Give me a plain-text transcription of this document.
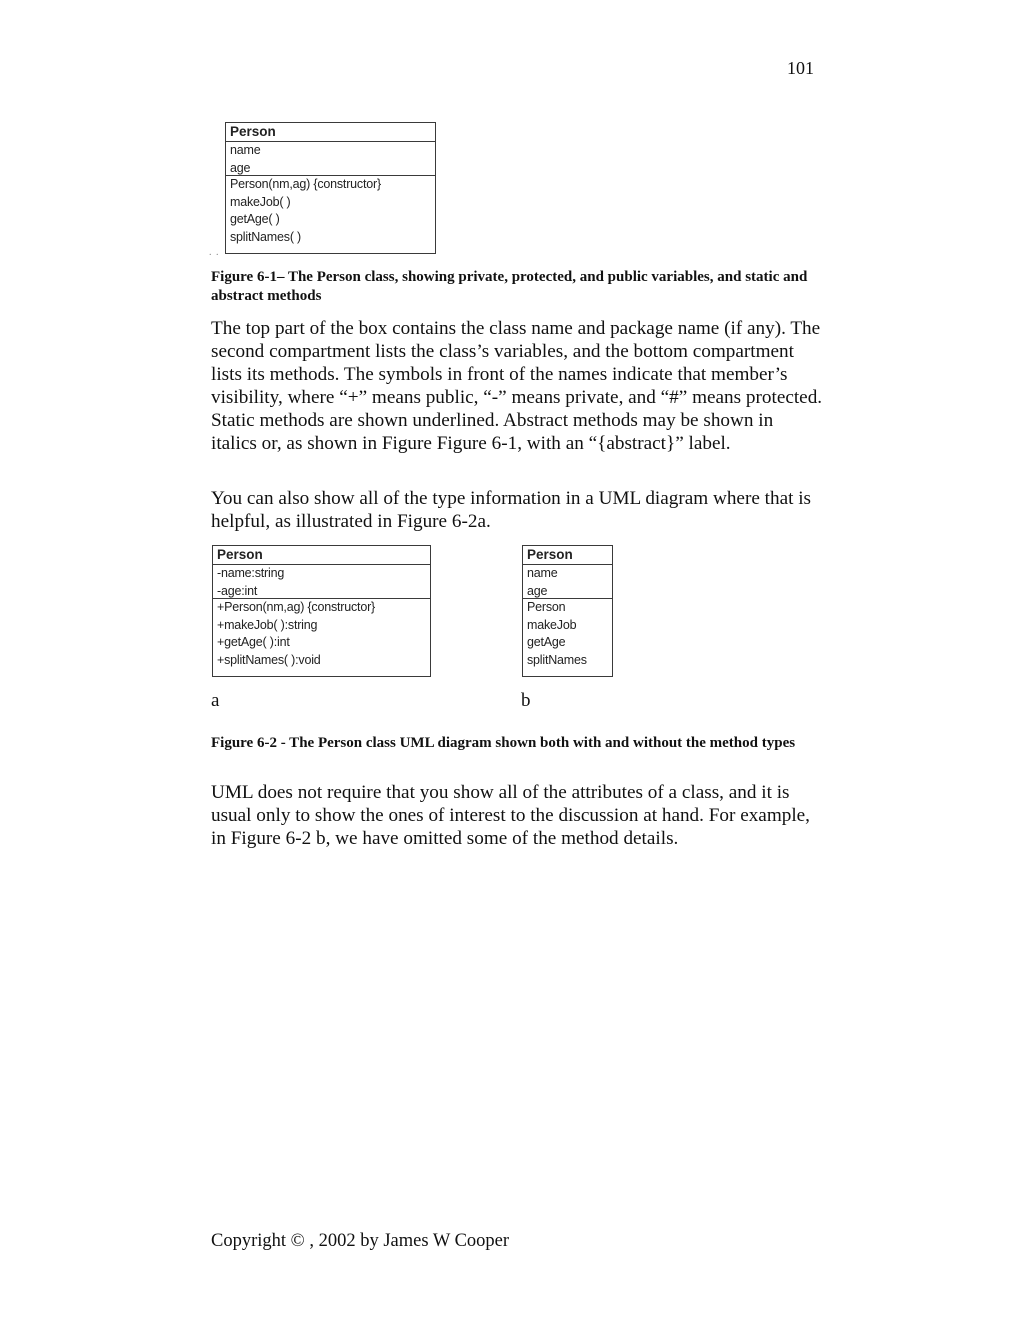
101
Person
name
age
Person(nm,ag) {constructor}
makeJob( )
getAge( )
splitNames( )
. .
Figure 6-1– The Person class, showing private, protected, and public variables, and static and abstract methods
The top part of the box contains the class name and package name (if any). The second compartment lists the class’s variables, and the bottom compartment lists its methods. The symbols in front of the names indicate that member’s visibility, where “+” means public, “-” means private, and “#” means protected. Static methods are shown underlined. Abstract methods may be shown in italics or, as shown in Figure Figure 6-1, with an “{abstract}” label.
You can also show all of the type information in a UML diagram where that is helpful, as illustrated in Figure 6-2a.
Person
-name:string
-age:int
+Person(nm,ag) {constructor}
+makeJob( ):string
+getAge( ):int
+splitNames( ):void
Person
name
age
Person
makeJob
getAge
splitNames
a	b
Figure 6-2 - The Person class UML diagram shown both with and without the method types
UML does not require that you show all of the attributes of a class, and it is usual only to show the ones of interest to the discussion at hand. For example, in Figure 6-2 b, we have omitted some of the method details.
Copyright © , 2002 by James W Cooper
